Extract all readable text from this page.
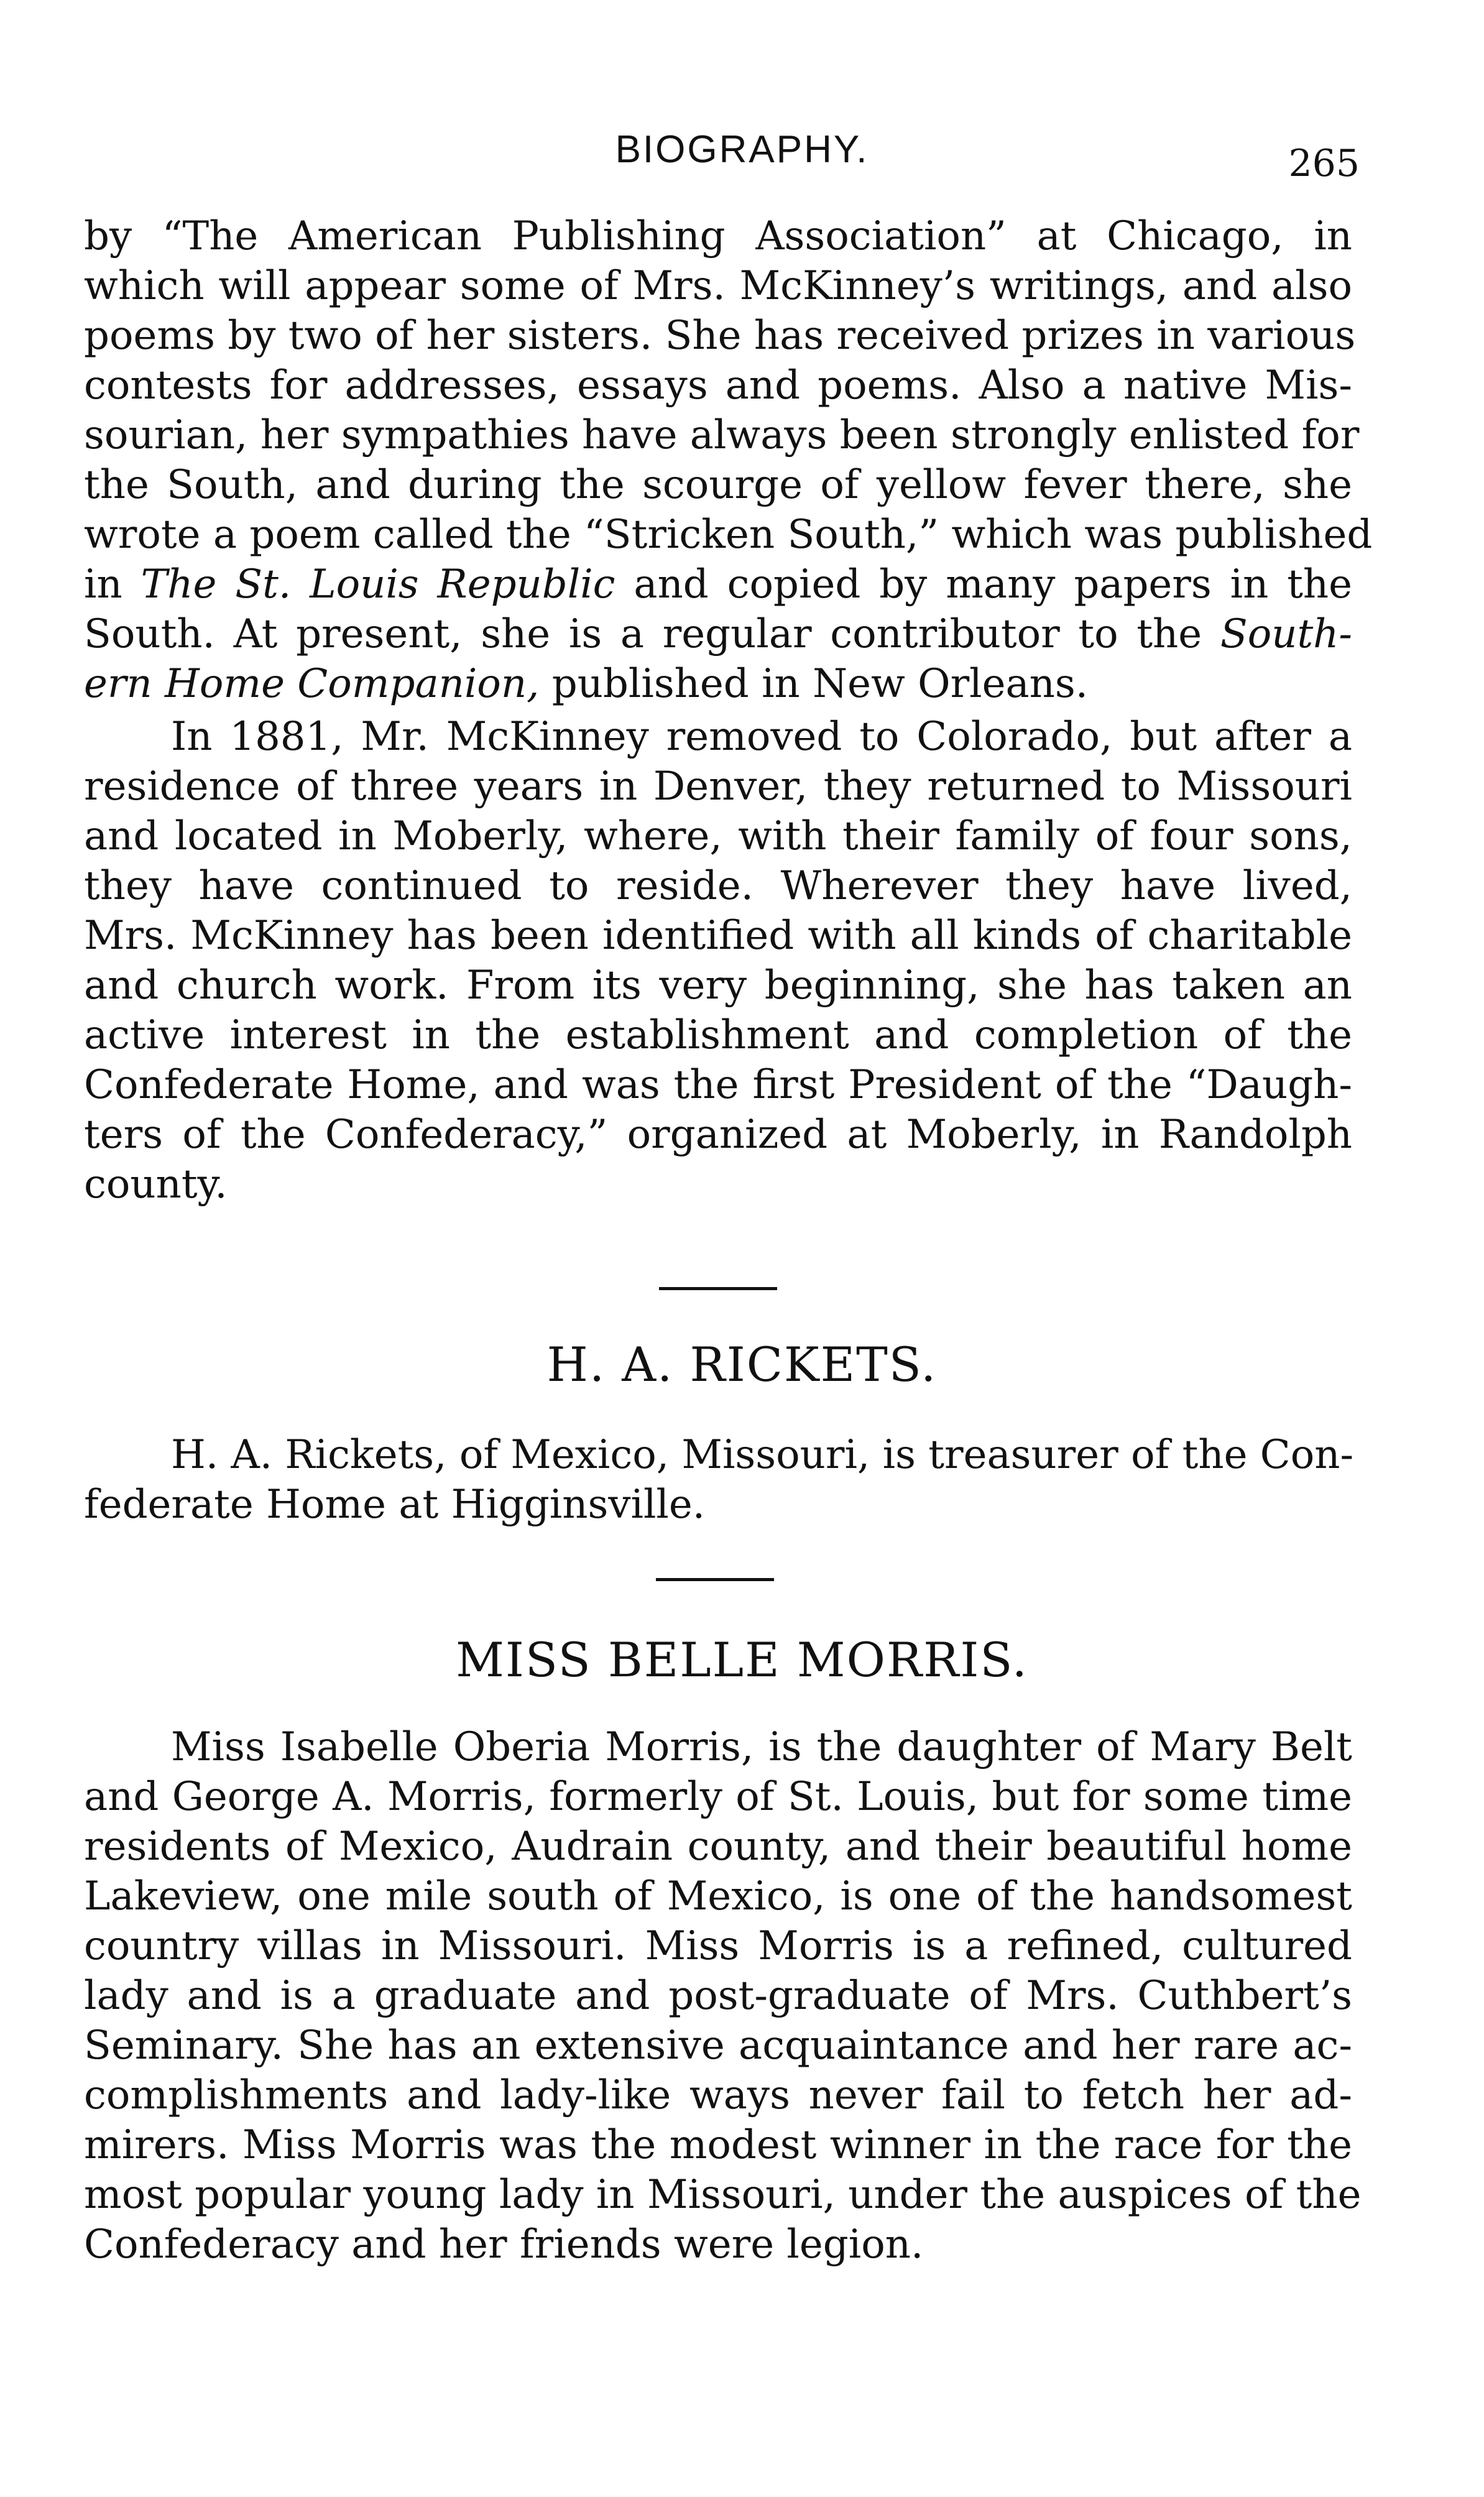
BIOGRAPHY.	265
by “The American Publishing Association” at Chicago, in
which will appear some of Mrs. McKinney’s writings, and also
poems by two of her sisters. She has received prizes in various
contests for addresses, essays and poems. Also a native Mis-
sourian, her sympathies have always been strongly enlisted for
the South, and during the scourge of yellow fever there, she
wrote a poem called the “Stricken South,” which was published
in The St. Louis Republic and copied by many papers in the
South. At present, she is a regular contributor to the South-
ern Home Companion, published in New Orleans.
In 1881, Mr. McKinney removed to Colorado, but after a
residence of three years in Denver, they returned to Missouri
and located in Moberly, where, with their family of four sons,
they have continued to reside. Wherever they have lived,
Mrs. McKinney has been identified with all kinds of charitable
and church work. From its very beginning, she has taken an
active interest in the establishment and completion of the
Confederate Home, and was the first President of the “Daugh-
ters of the Confederacy,” organized at Moberly, in Randolph
county.
H. A. RICKETS.
H. A. Rickets, of Mexico, Missouri, is treasurer of the Con-
federate Home at Higginsville.
MISS BELLE MORRIS.
Miss Isabelle Oberia Morris, is the daughter of Mary Belt
and George A. Morris, formerly of St. Louis, but for some time
residents of Mexico, Audrain county, and their beautiful home
Lakeview, one mile south of Mexico, is one of the handsomest
country villas in Missouri. Miss Morris is a refined, cultured
lady and is a graduate and post-graduate of Mrs. Cuthbert’s
Seminary. She has an extensive acquaintance and her rare ac-
complishments and lady-like ways never fail to fetch her ad-
mirers. Miss Morris was the modest winner in the race for the
most popular young lady in Missouri, under the auspices of the
Confederacy and her friends were legion.
